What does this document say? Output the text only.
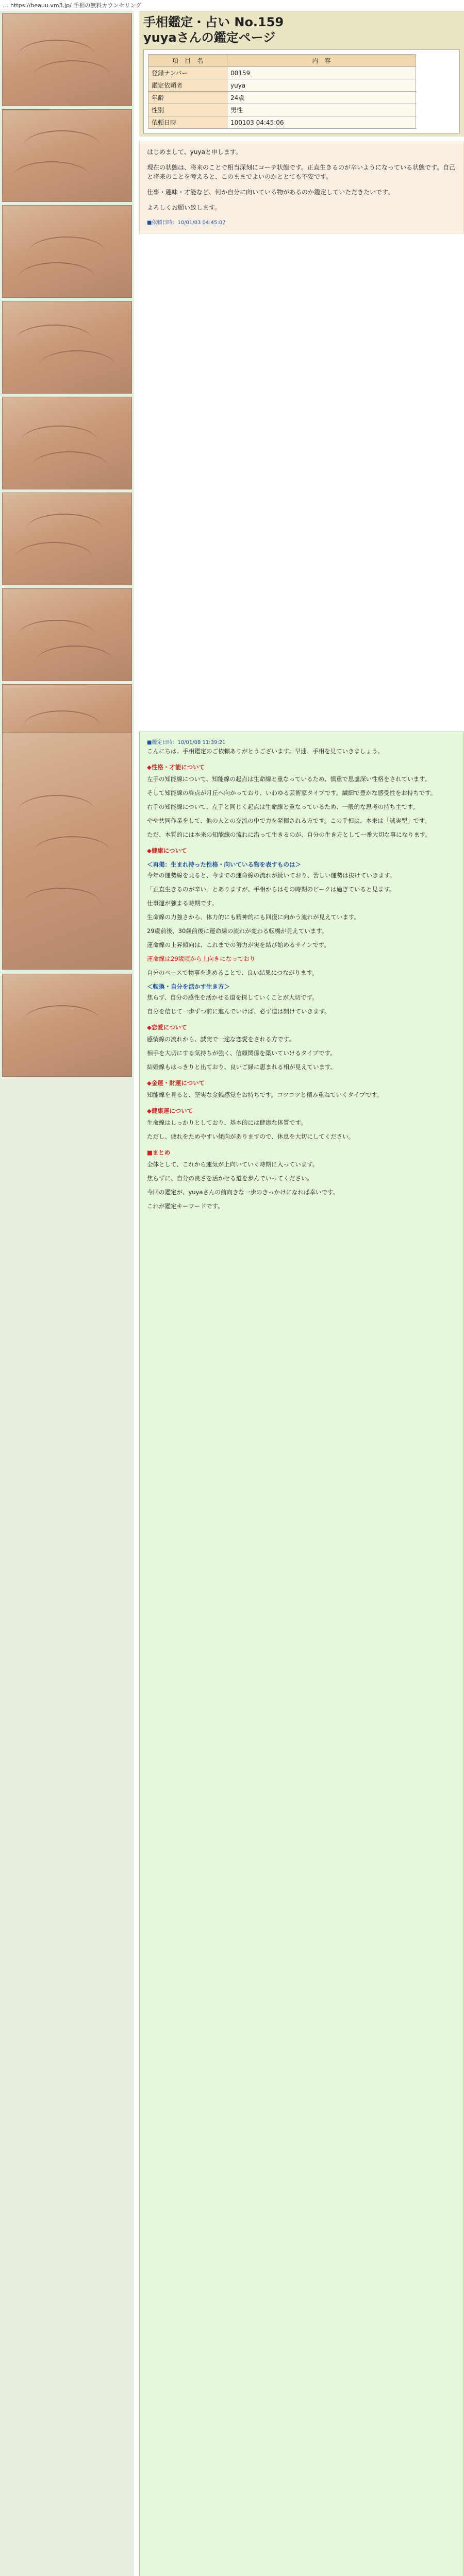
... https://beauu.vm3.jp/ 手相の無料カウンセリング
手相鑑定・占い No.159
yuyaさんの鑑定ページ
項　目　名	内　容
登録ナンバー	00159
鑑定依頼者	yuya
年齢	24歳
性別	男性
依頼日時	100103 04:45:06

はじめまして、yuyaと申します。

現在の状態は、将来のことで相当深刻にコーチ状態です。正直生きるのが辛いようになっている状態です。自己と将来のことを考えると、このままでよいのかととても不安です。

仕事・趣味・才能など、何か自分に向いている物があるのか鑑定していただきたいです。

よろしくお願い致します。

■依頼日時：10/01/03 04:45:07
■鑑定日時：10/01/08 11:39:21

こんにちは。手相鑑定のご依頼ありがとうございます。早速、手相を見ていきましょう。

◆性格・才能について

左手の知能線について、知能線の起点は生命線と重なっているため、慎重で思慮深い性格をされています。

そして知能線の終点が月丘へ向かっており、いわゆる芸術家タイプです。繊細で豊かな感受性をお持ちです。

右手の知能線について、左手と同じく起点は生命線と重なっているため、一般的な思考の持ち主です。

やや共同作業をして、他の人との交流の中で力を発揮される方です。この手相は、本来は「誠実型」です。

ただ、本質的には本来の知能線の流れに沿って生きるのが、自分の生き方として一番大切な事になります。

◆健康について
＜再掲：生まれ持った性格・向いている物を表すものは＞

今年の運勢線を見ると、今までの運命線の流れが続いており、苦しい運勢は抜けていきます。

「正直生きるのが辛い」とありますが、手相からはその時期のピークは過ぎていると見ます。

仕事運が強まる時期です。

生命線の力強さから、体力的にも精神的にも回復に向かう流れが見えています。

29歳前後、30歳前後に運命線の流れが変わる転機が見えています。

運命線の上昇傾向は、これまでの努力が実を結び始めるサインです。

運命線は29歳頃から上向きになっており

自分のペースで物事を進めることで、良い結果につながります。

＜転換・自分を活かす生き方＞

焦らず、自分の感性を活かせる道を探していくことが大切です。

自分を信じて一歩ずつ前に進んでいけば、必ず道は開けていきます。

◆恋愛について

感情線の流れから、誠実で一途な恋愛をされる方です。

相手を大切にする気持ちが強く、信頼関係を築いていけるタイプです。

結婚線もはっきりと出ており、良いご縁に恵まれる相が見えています。

◆金運・財運について

知能線を見ると、堅実な金銭感覚をお持ちです。コツコツと積み重ねていくタイプです。

◆健康運について

生命線はしっかりとしており、基本的には健康な体質です。

ただし、疲れをためやすい傾向がありますので、休息を大切にしてください。

■まとめ

全体として、これから運気が上向いていく時期に入っています。

焦らずに、自分の良さを活かせる道を歩んでいってください。

今回の鑑定が、yuyaさんの前向きな一歩のきっかけになれば幸いです。

これが鑑定キーワードです。
